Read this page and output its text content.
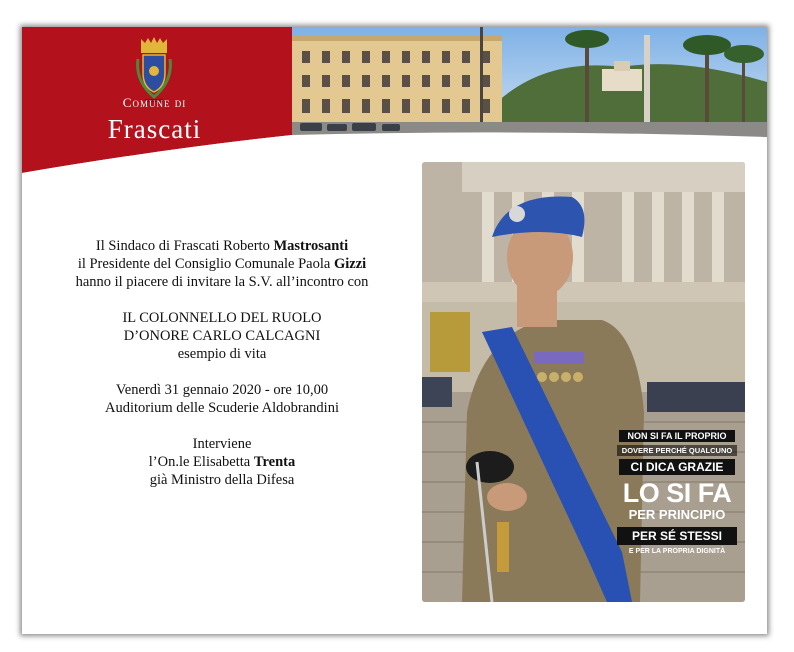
Comune di
Frascati
Il Sindaco di Frascati Roberto Mastrosanti
il Presidente del Consiglio Comunale Paola Gizzi
hanno il piacere di invitare la S.V. all’incontro con
IL COLONNELLO DEL RUOLO
D’ONORE CARLO CALCAGNI
esempio di vita
Venerdì 31 gennaio 2020 - ore 10,00
Auditorium delle Scuderie Aldobrandini
Interviene
l’On.le Elisabetta Trenta
già Ministro della Difesa
NON SI FA IL PROPRIO
DOVERE PERCHÉ QUALCUNO
CI DICA GRAZIE
LO SI FA
PER PRINCIPIO
PER SÉ STESSI
E PER LA PROPRIA DIGNITÀ
